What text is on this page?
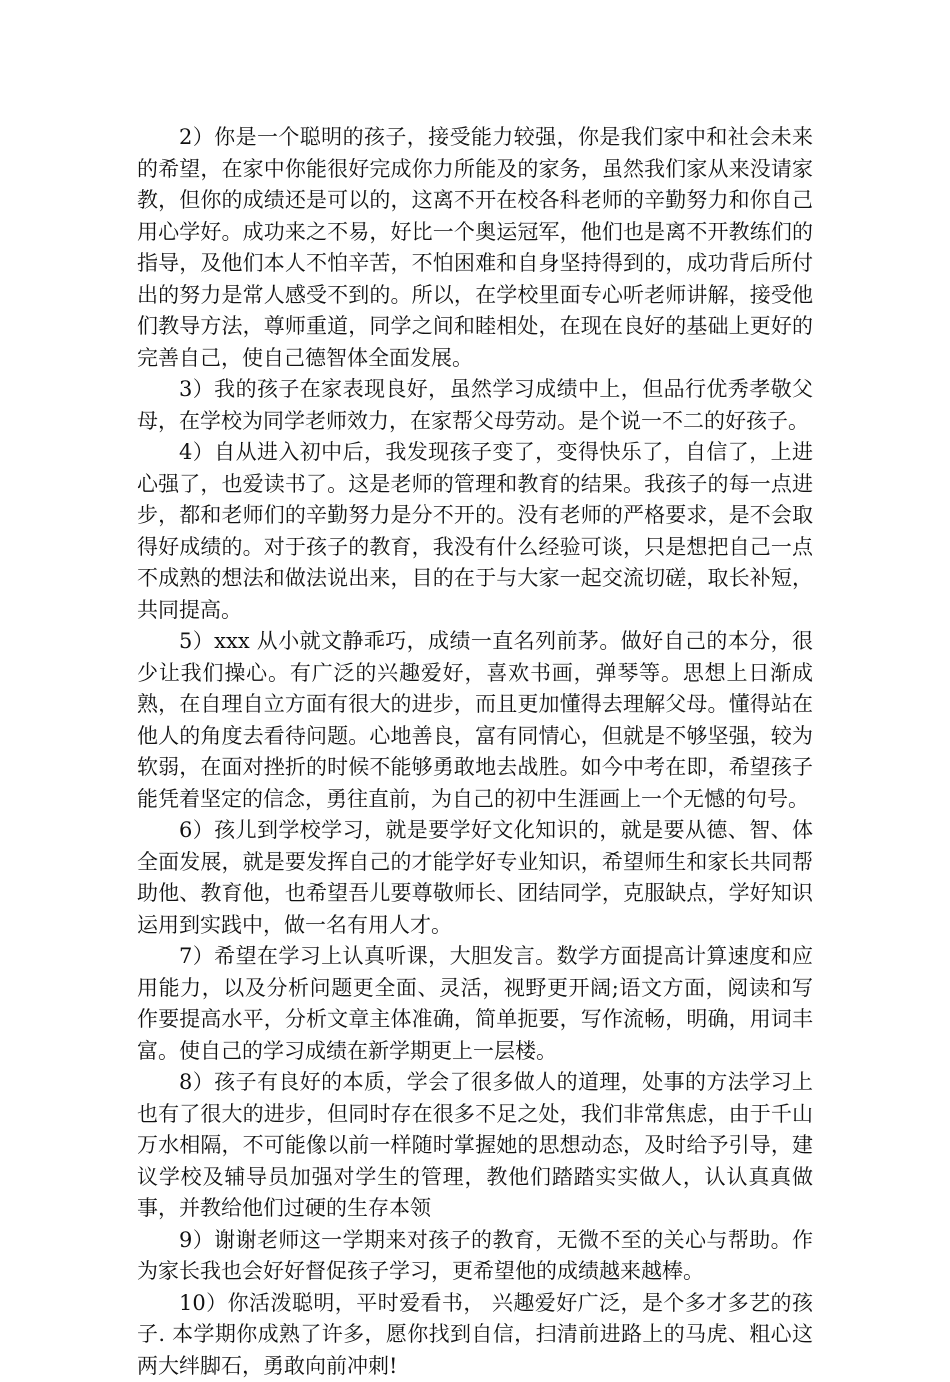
2）你是一个聪明的孩子，接受能力较强，你是我们家中和社会未来的希望，在家中你能很好完成你力所能及的家务，虽然我们家从来没请家教，但你的成绩还是可以的，这离不开在校各科老师的辛勤努力和你自己用心学好。成功来之不易，好比一个奥运冠军，他们也是离不开教练们的指导，及他们本人不怕辛苦，不怕困难和自身坚持得到的，成功背后所付出的努力是常人感受不到的。所以，在学校里面专心听老师讲解，接受他们教导方法，尊师重道，同学之间和睦相处，在现在良好的基础上更好的完善自己，使自己德智体全面发展。

3）我的孩子在家表现良好，虽然学习成绩中上，但品行优秀孝敬父母，在学校为同学老师效力，在家帮父母劳动。是个说一不二的好孩子。

4）自从进入初中后，我发现孩子变了，变得快乐了，自信了，上进心强了，也爱读书了。这是老师的管理和教育的结果。我孩子的每一点进步，都和老师们的辛勤努力是分不开的。没有老师的严格要求，是不会取得好成绩的。对于孩子的教育，我没有什么经验可谈，只是想把自己一点不成熟的想法和做法说出来，目的在于与大家一起交流切磋，取长补短，共同提高。

5）xxx 从小就文静乖巧，成绩一直名列前茅。做好自己的本分，很少让我们操心。有广泛的兴趣爱好，喜欢书画，弹琴等。思想上日渐成熟，在自理自立方面有很大的进步，而且更加懂得去理解父母。懂得站在他人的角度去看待问题。心地善良，富有同情心，但就是不够坚强，较为软弱，在面对挫折的时候不能够勇敢地去战胜。如今中考在即，希望孩子能凭着坚定的信念，勇往直前，为自己的初中生涯画上一个无憾的句号。

6）孩儿到学校学习，就是要学好文化知识的，就是要从德、智、体全面发展，就是要发挥自己的才能学好专业知识，希望师生和家长共同帮助他、教育他，也希望吾儿要尊敬师长、团结同学，克服缺点，学好知识运用到实践中，做一名有用人才。

7）希望在学习上认真听课，大胆发言。数学方面提高计算速度和应用能力，以及分析问题更全面、灵活，视野更开阔;语文方面，阅读和写作要提高水平，分析文章主体准确，简单扼要，写作流畅，明确，用词丰富。使自己的学习成绩在新学期更上一层楼。

8）孩子有良好的本质，学会了很多做人的道理，处事的方法学习上也有了很大的进步，但同时存在很多不足之处，我们非常焦虑，由于千山万水相隔，不可能像以前一样随时掌握她的思想动态，及时给予引导，建议学校及辅导员加强对学生的管理，教他们踏踏实实做人，认认真真做事，并教给他们过硬的生存本领

9）谢谢老师这一学期来对孩子的教育，无微不至的关心与帮助。作为家长我也会好好督促孩子学习，更希望他的成绩越来越棒。

10）你活泼聪明，平时爱看书， 兴趣爱好广泛，是个多才多艺的孩子. 本学期你成熟了许多，愿你找到自信，扫清前进路上的马虎、粗心这两大绊脚石，勇敢向前冲刺!
